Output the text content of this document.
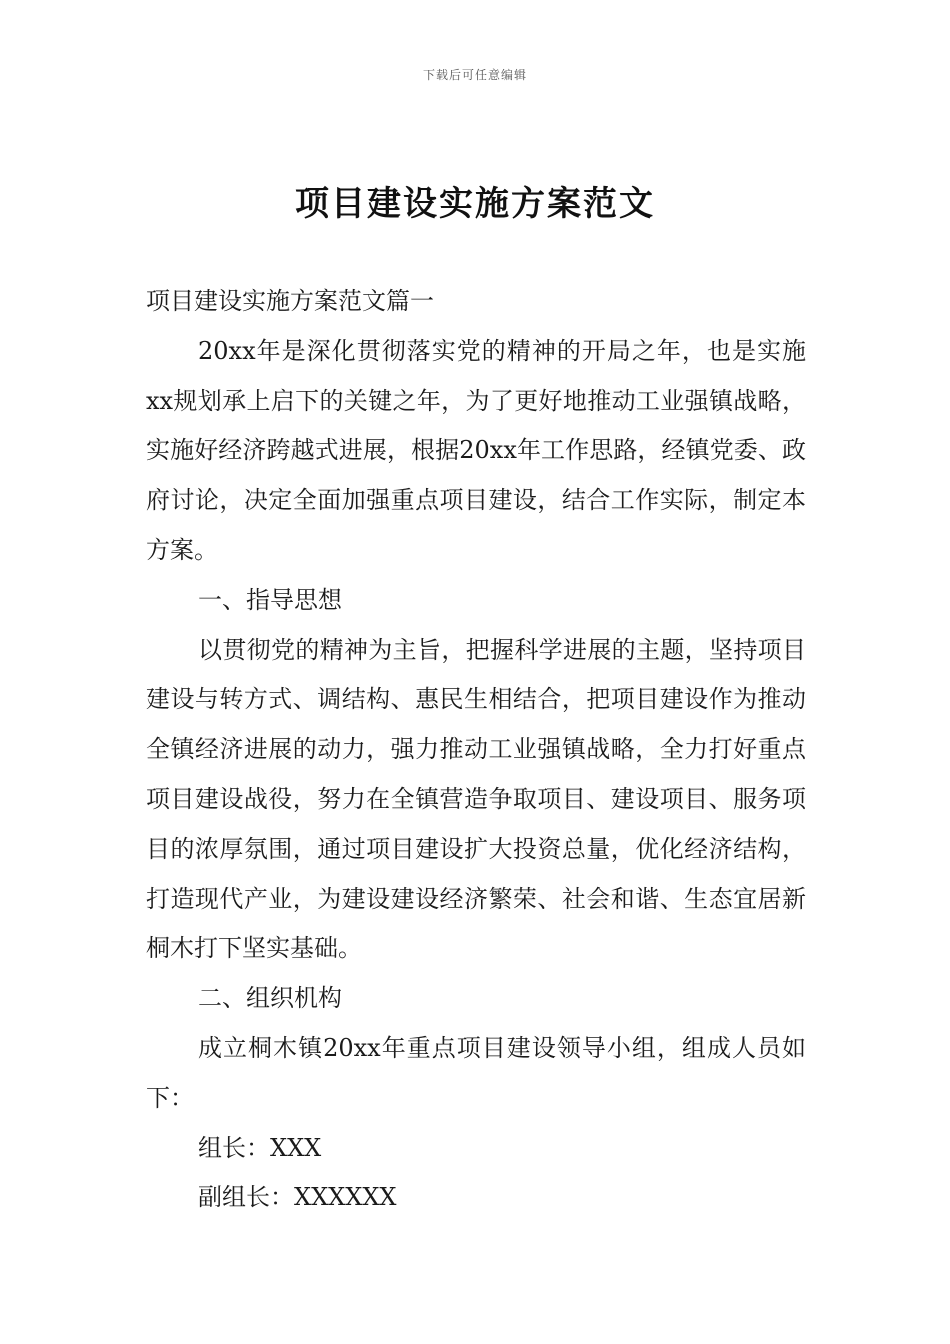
下载后可任意编辑
项目建设实施方案范文

项目建设实施方案范文篇一

20xx年是深化贯彻落实党的精神的开局之年，也是实施xx规划承上启下的关键之年，为了更好地推动工业强镇战略，实施好经济跨越式进展，根据20xx年工作思路，经镇党委、政府讨论，决定全面加强重点项目建设，结合工作实际，制定本方案。

一、指导思想

以贯彻党的精神为主旨，把握科学进展的主题，坚持项目建设与转方式、调结构、惠民生相结合，把项目建设作为推动全镇经济进展的动力，强力推动工业强镇战略，全力打好重点项目建设战役，努力在全镇营造争取项目、建设项目、服务项目的浓厚氛围，通过项目建设扩大投资总量，优化经济结构，打造现代产业，为建设建设经济繁荣、社会和谐、生态宜居新桐木打下坚实基础。

二、组织机构

成立桐木镇20xx年重点项目建设领导小组，组成人员如下：

组长：XXX

副组长：XXXXXX
